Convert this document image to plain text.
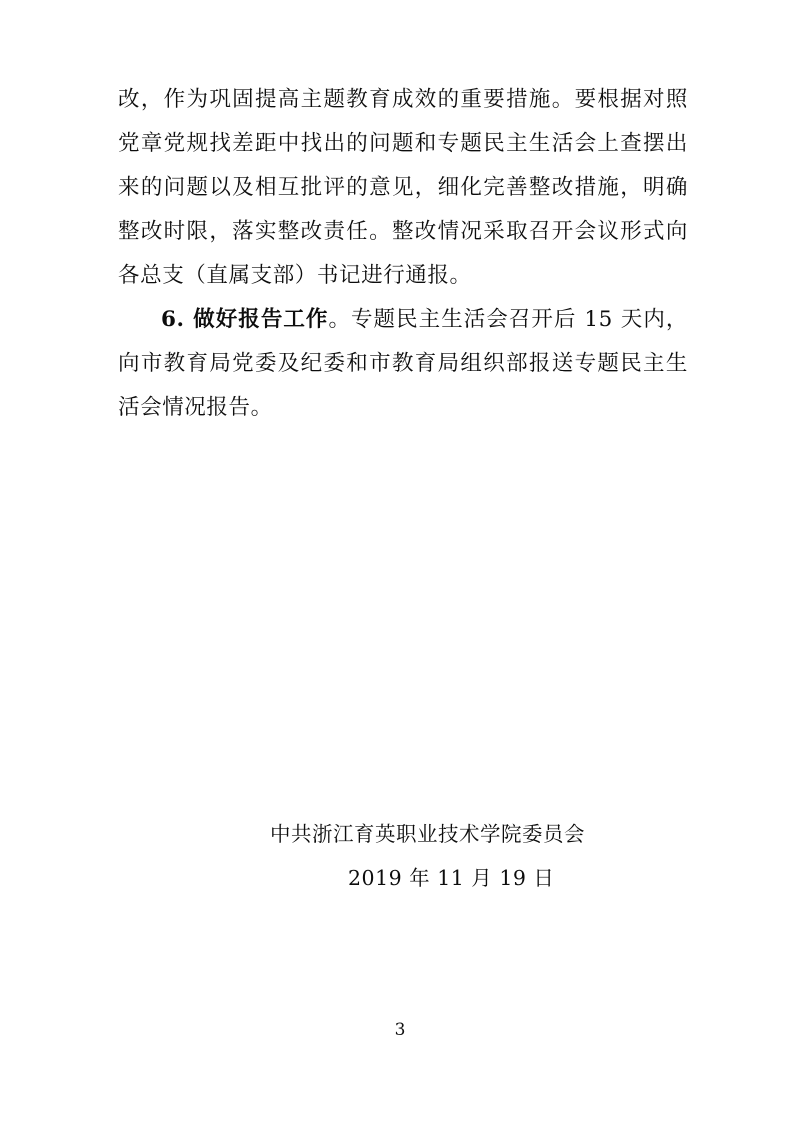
改，作为巩固提高主题教育成效的重要措施。要根据对照党章党规找差距中找出的问题和专题民主生活会上查摆出来的问题以及相互批评的意见，细化完善整改措施，明确整改时限，落实整改责任。整改情况采取召开会议形式向各总支（直属支部）书记进行通报。

6. 做好报告工作。专题民主生活会召开后 15 天内，向市教育局党委及纪委和市教育局组织部报送专题民主生活会情况报告。

中共浙江育英职业技术学院委员会
2019 年 11 月 19 日
3
